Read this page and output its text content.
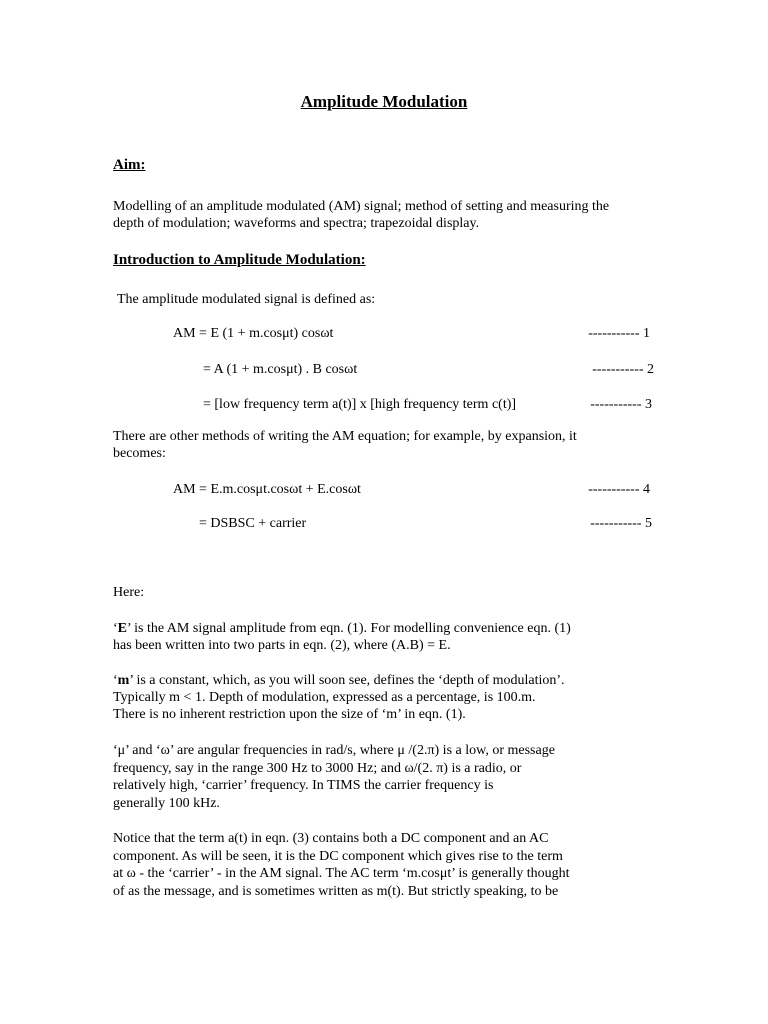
Amplitude Modulation
Aim:
Modelling of an amplitude modulated (AM) signal; method of setting and measuring the
depth of modulation; waveforms and spectra; trapezoidal display.
Introduction to Amplitude Modulation:
The amplitude modulated signal is defined as:
AM = E (1 + m.cosμt) cosωt	----------- 1
= A (1 + m.cosμt) . B cosωt	----------- 2
= [low frequency term a(t)] x [high frequency term c(t)]	----------- 3
There are other methods of writing the AM equation; for example, by expansion, it
becomes:
AM = E.m.cosμt.cosωt + E.cosωt	----------- 4
= DSBSC + carrier	----------- 5
Here:
‘E’ is the AM signal amplitude from eqn. (1). For modelling convenience eqn. (1)
has been written into two parts in eqn. (2), where (A.B) = E.
‘m’ is a constant, which, as you will soon see, defines the ‘depth of modulation’.
Typically m < 1. Depth of modulation, expressed as a percentage, is 100.m.
There is no inherent restriction upon the size of ‘m’ in eqn. (1).
‘μ’ and ‘ω’ are angular frequencies in rad/s, where μ /(2.π) is a low, or message
frequency, say in the range 300 Hz to 3000 Hz; and ω/(2. π) is a radio, or
relatively high, ‘carrier’ frequency. In TIMS the carrier frequency is
generally 100 kHz.
Notice that the term a(t) in eqn. (3) contains both a DC component and an AC
component. As will be seen, it is the DC component which gives rise to the term
at ω - the ‘carrier’ - in the AM signal. The AC term ‘m.cosμt’ is generally thought
of as the message, and is sometimes written as m(t). But strictly speaking, to be
